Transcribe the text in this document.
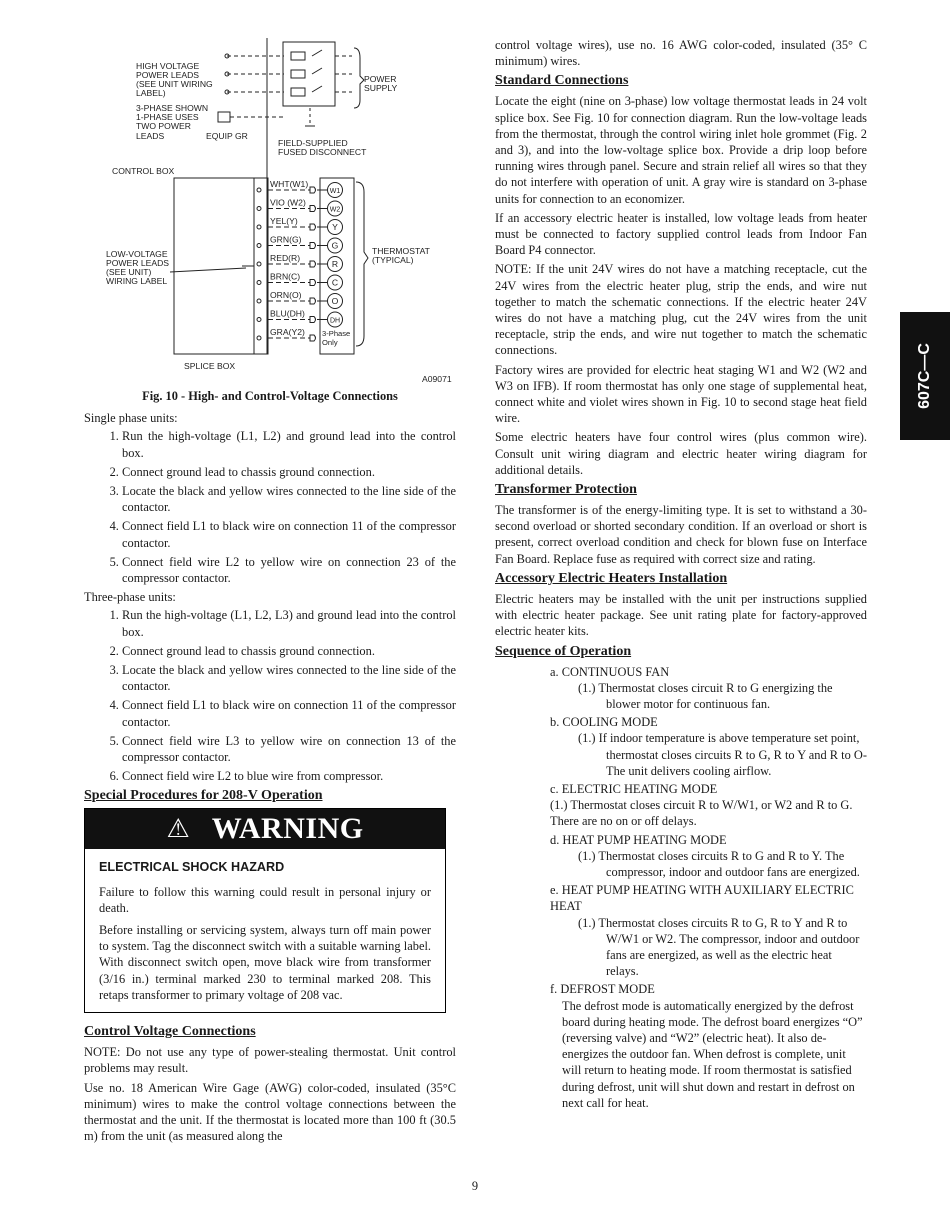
607C—C
HIGH VOLTAGE
POWER LEADS
(SEE UNIT WIRING
LABEL)
3-PHASE SHOWN
1-PHASE USES
TWO POWER
LEADS	EQUIP GR
POWER
SUPPLY
FIELD-SUPPLIED
FUSED DISCONNECT
CONTROL BOX
LOW-VOLTAGE
POWER LEADS
(SEE UNIT)
WIRING LABEL
THERMOSTAT
(TYPICAL)
SPLICE BOX
A09071
3-Phase
Only
WHT(W1)
W1
VIO (W2)
W2
YEL(Y)
Y
GRN(G)
G
RED(R)
R
BRN(C)
C
ORN(O)
O
BLU(DH)
DH
GRA(Y2)
Fig. 10 - High- and Control-Voltage Connections

Single phase units:

1. Run the high-voltage (L1, L2) and ground lead into the control box.
2. Connect ground lead to chassis ground connection.
3. Locate the black and yellow wires connected to the line side of the contactor.
4. Connect field L1 to black wire on connection 11 of the compressor contactor.
5. Connect field wire L2 to yellow wire on connection 23 of the compressor contactor.

Three-phase units:

1. Run the high-voltage (L1, L2, L3) and ground lead into the control box.
2. Connect ground lead to chassis ground connection.
3. Locate the black and yellow wires connected to the line side of the contactor.
4. Connect field L1 to black wire on connection 11 of the compressor contactor.
5. Connect field wire L3 to yellow wire on connection 13 of the compressor contactor.
6. Connect field wire L2 to blue wire from compressor.
Special Procedures for 208-V Operation
⚠ WARNING
ELECTRICAL SHOCK HAZARD

Failure to follow this warning could result in personal injury or death.

Before installing or servicing system, always turn off main power to system. Tag the disconnect switch with a suitable warning label. With disconnect switch open, move black wire from transformer (3/16 in.) terminal marked 230 to terminal marked 208. This retaps transformer to primary voltage of 208 vac.

Control Voltage Connections

NOTE: Do not use any type of power-stealing thermostat. Unit control problems may result.

Use no. 18 American Wire Gage (AWG) color-coded, insulated (35°C minimum) wires to make the control voltage connections between the thermostat and the unit. If the thermostat is located more than 100 ft (30.5 m) from the unit (as measured along the

control voltage wires), use no. 16 AWG color-coded, insulated (35° C minimum) wires.

Standard Connections

Locate the eight (nine on 3-phase) low voltage thermostat leads in 24 volt splice box. See Fig. 10 for connection diagram. Run the low-voltage leads from the thermostat, through the control wiring inlet hole grommet (Fig. 2 and 3), and into the low-voltage splice box. Provide a drip loop before running wires through panel. Secure and strain relief all wires so that they do not interfere with operation of unit. A gray wire is standard on 3-phase units for connection to an economizer.

If an accessory electric heater is installed, low voltage leads from heater must be connected to factory supplied control leads from Indoor Fan Board P4 connector.

NOTE: If the unit 24V wires do not have a matching receptacle, cut the 24V wires from the electric heater plug, strip the ends, and wire nut together to match the schematic connections. If the electric heater 24V wires do not have a matching plug, cut the 24V wires from the unit receptacle, strip the ends, and wire nut together to match the schematic connections.

Factory wires are provided for electric heat staging W1 and W2 (W2 and W3 on IFB). If room thermostat has only one stage of supplemental heat, connect white and violet wires shown in Fig. 10 to second stage heat field wire.

Some electric heaters have four control wires (plus common wire). Consult unit wiring diagram and electric heater wiring diagram for additional details.

Transformer Protection

The transformer is of the energy-limiting type. It is set to withstand a 30-second overload or shorted secondary condition. If an overload or short is present, correct overload condition and check for blown fuse on Interface Fan Board. Replace fuse as required with correct size and rating.

Accessory Electric Heaters Installation

Electric heaters may be installed with the unit per instructions supplied with electric heater package. See unit rating plate for factory-approved electric heater kits.

Sequence of Operation
a. CONTINUOUS FAN
(1.) Thermostat closes circuit R to G energizing the blower motor for continuous fan.
b. COOLING MODE
(1.) If indoor temperature is above temperature set point, thermostat closes circuits R to G, R to Y and R to O-The unit delivers cooling airflow.
c. ELECTRIC HEATING MODE
(1.) Thermostat closes circuit R to W/W1, or W2 and R to G. There are no on or off delays.
d. HEAT PUMP HEATING MODE
(1.) Thermostat closes circuits R to G and R to Y. The compressor, indoor and outdoor fans are energized.
e. HEAT PUMP HEATING WITH AUXILIARY ELECTRIC HEAT
(1.) Thermostat closes circuits R to G, R to Y and R to W/W1 or W2. The compressor, indoor and outdoor fans are energized, as well as the electric heat relays.
f. DEFROST MODE
The defrost mode is automatically energized by the defrost board during heating mode. The defrost board energizes “O” (reversing valve) and “W2” (electric heat). It also de-energizes the outdoor fan. When defrost is complete, unit will return to heating mode. If room thermostat is satisfied during defrost, unit will shut down and restart in defrost on next call for heat.
9
